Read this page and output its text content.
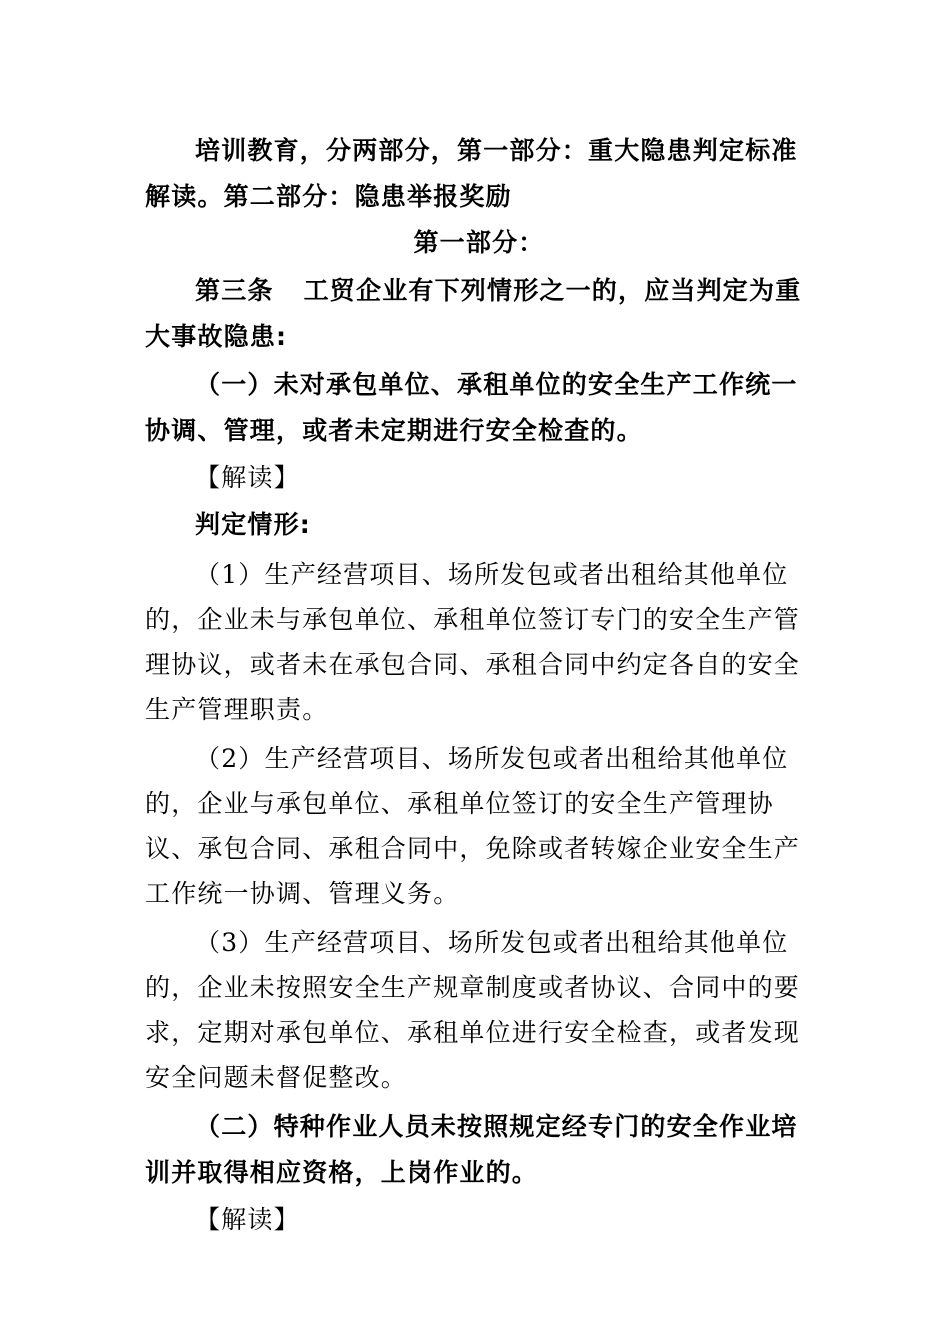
培训教育，分两部分，第一部分：重大隐患判定标准解读。第二部分：隐患举报奖励

第一部分：

第三条 工贸企业有下列情形之一的，应当判定为重大事故隐患:

（一）未对承包单位、承租单位的安全生产工作统一协调、管理，或者未定期进行安全检查的。

【解读】

判定情形:

（1）生产经营项目、场所发包或者出租给其他单位的，企业未与承包单位、承租单位签订专门的安全生产管理协议，或者未在承包合同、承租合同中约定各自的安全生产管理职责。

（2）生产经营项目、场所发包或者出租给其他单位的，企业与承包单位、承租单位签订的安全生产管理协议、承包合同、承租合同中，免除或者转嫁企业安全生产工作统一协调、管理义务。

（3）生产经营项目、场所发包或者出租给其他单位的，企业未按照安全生产规章制度或者协议、合同中的要求，定期对承包单位、承租单位进行安全检查，或者发现安全问题未督促整改。

（二）特种作业人员未按照规定经专门的安全作业培训并取得相应资格，上岗作业的。

【解读】
